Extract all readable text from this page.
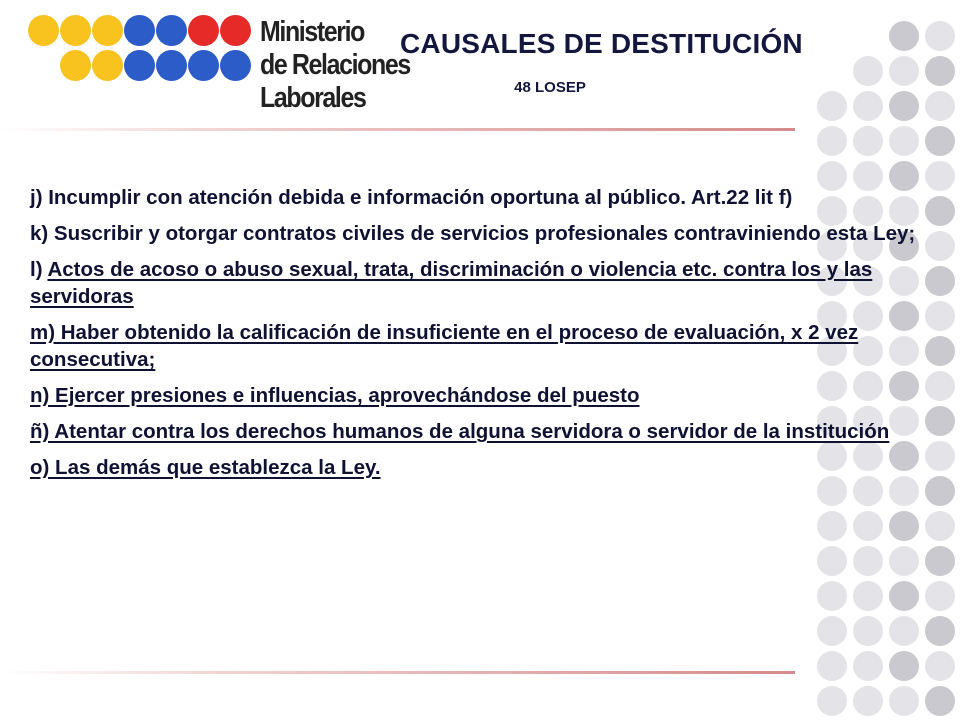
Ministerio
de Relaciones
Laborales
CAUSALES DE DESTITUCIÓN
48 LOSEP
j) Incumplir con atención debida e información oportuna al público. Art.22 lit f)
k) Suscribir y otorgar contratos civiles de servicios profesionales contraviniendo esta Ley;
l) Actos de acoso o abuso sexual, trata, discriminación o violencia etc. contra los y las servidoras
m) Haber obtenido la calificación de insuficiente en el proceso de evaluación, x 2 vez consecutiva;
n) Ejercer presiones e influencias, aprovechándose del puesto
ñ) Atentar contra los derechos humanos de alguna servidora o servidor de la institución
o) Las demás que establezca la Ley.
